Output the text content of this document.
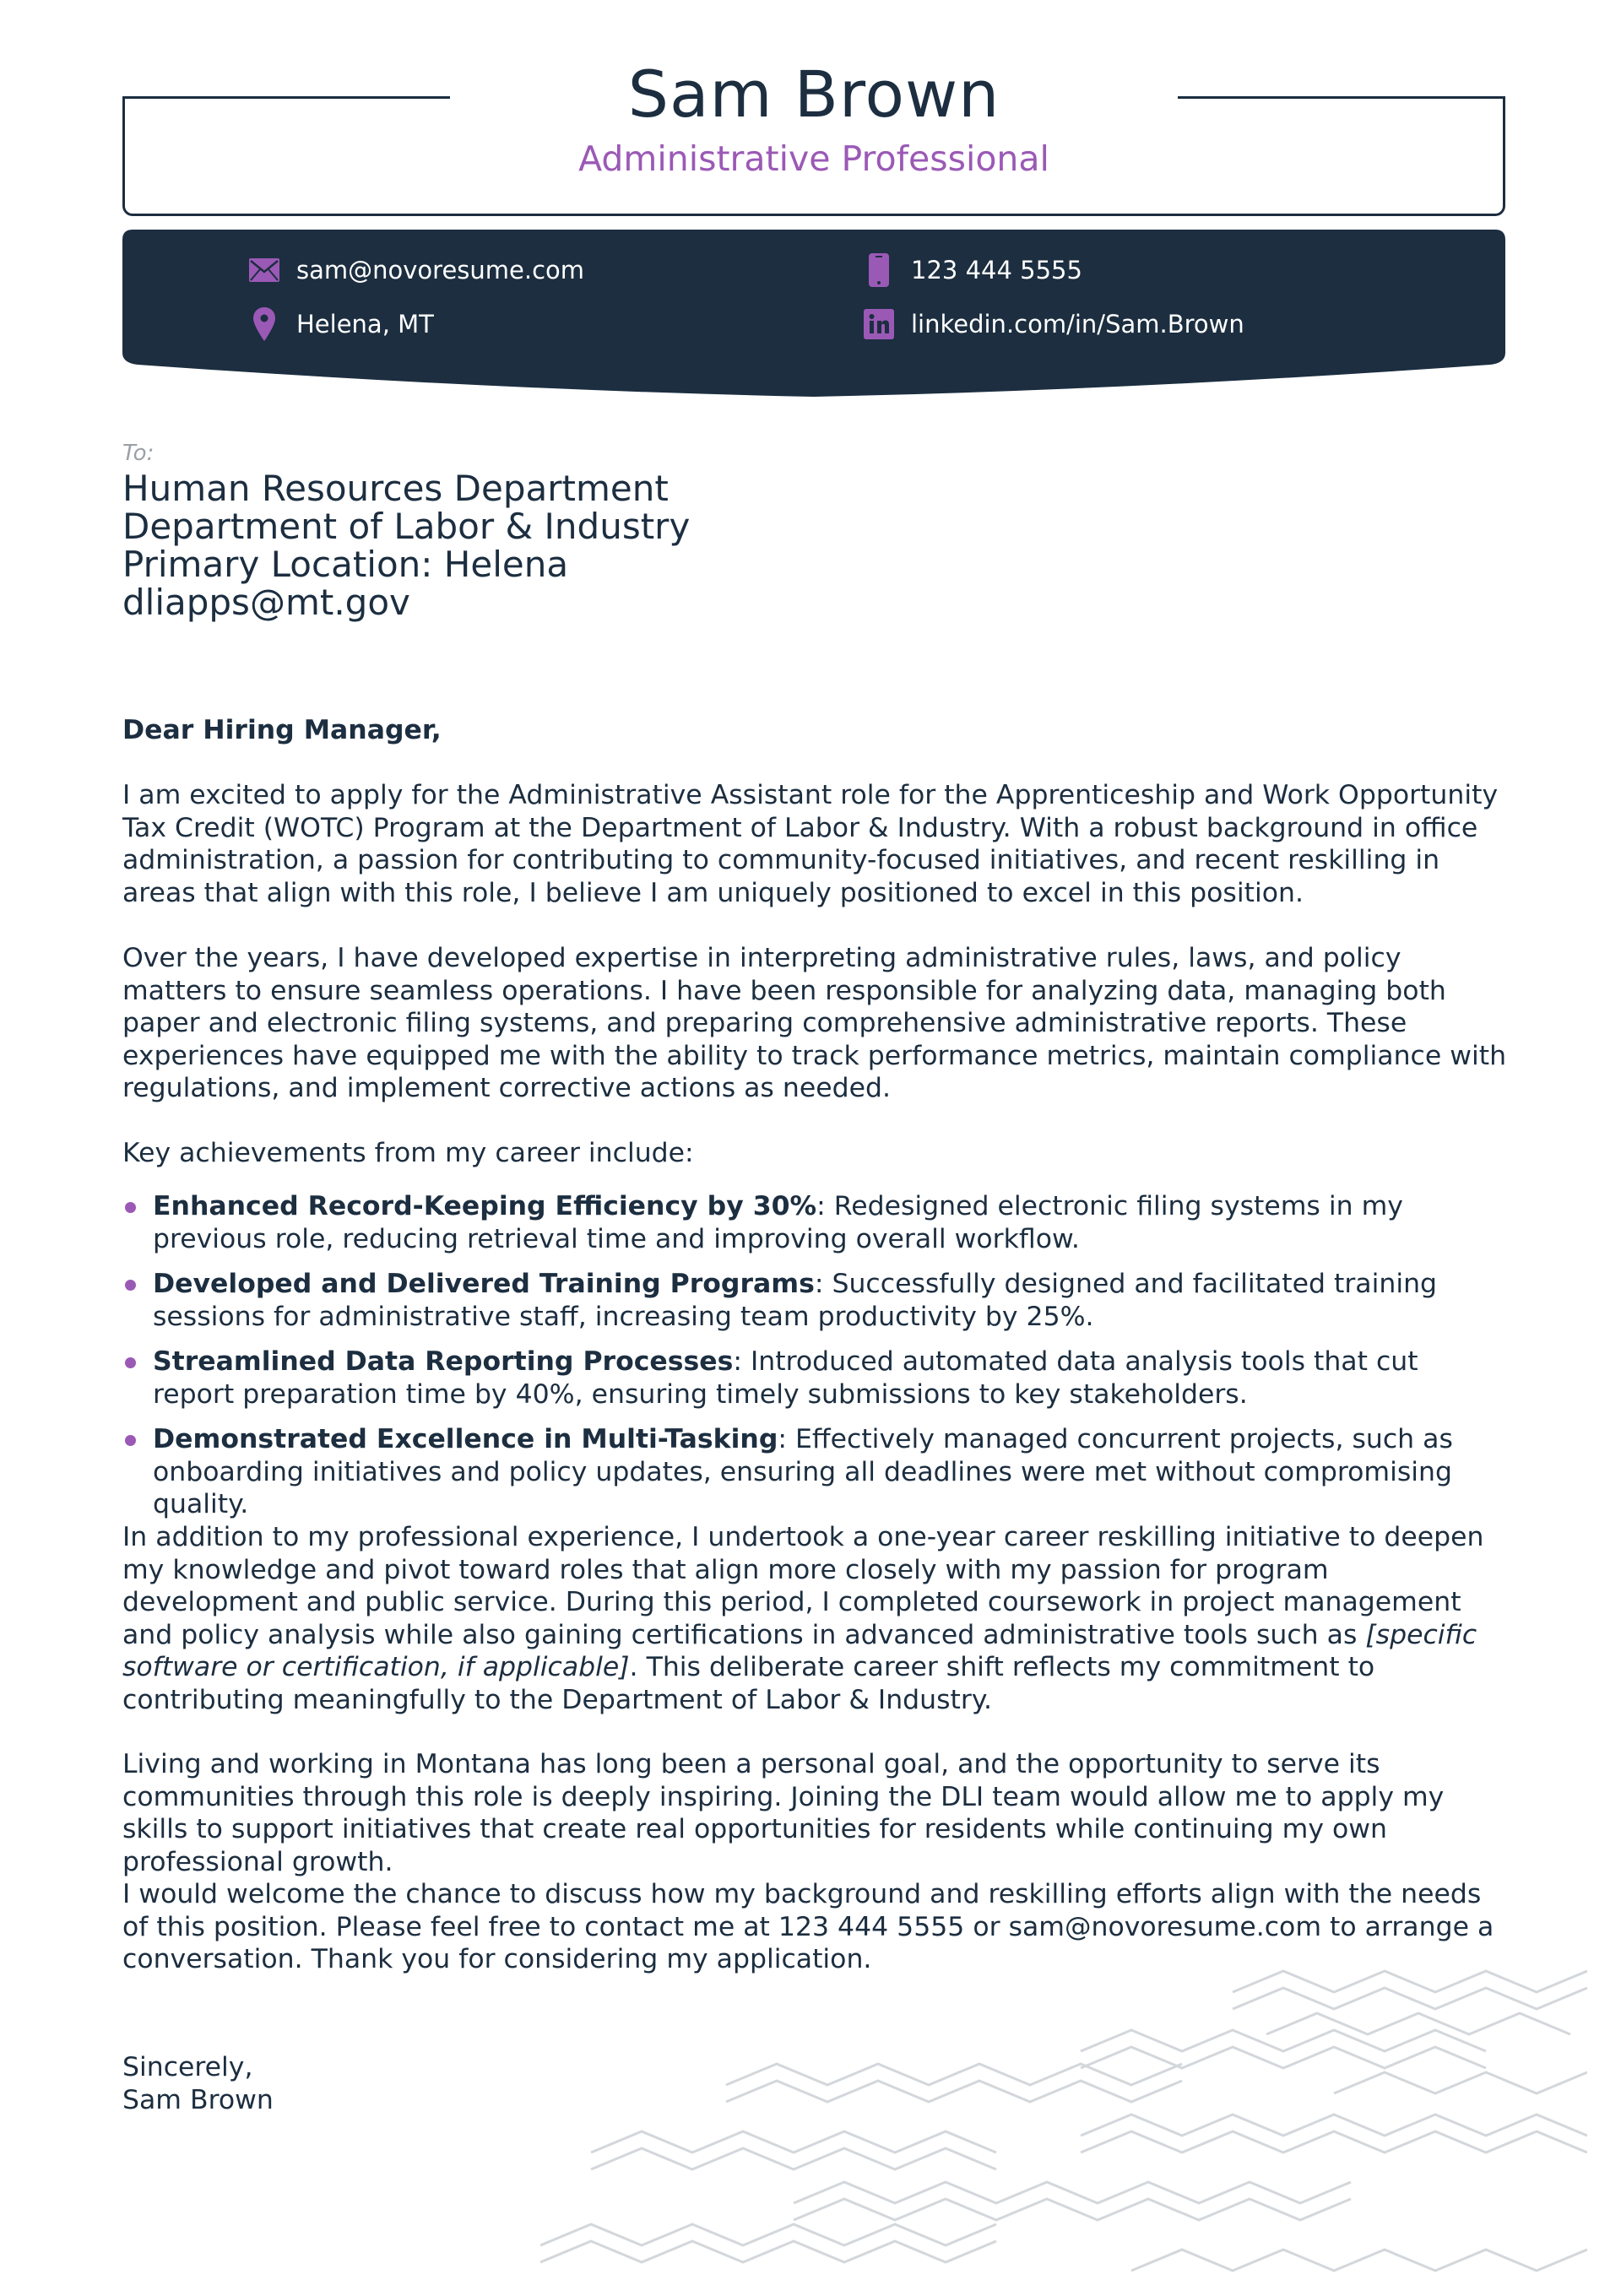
Sam Brown
Administrative Professional
sam@novoresume.com	123 444 5555
Helena, MT	linkedin.com/in/Sam.Brown
To:
Human Resources Department
Department of Labor & Industry
Primary Location: Helena
dliapps@mt.gov
Dear Hiring Manager,
I am excited to apply for the Administrative Assistant role for the Apprenticeship and Work Opportunity Tax Credit (WOTC) Program at the Department of Labor & Industry. With a robust background in office administration, a passion for contributing to community-focused initiatives, and recent reskilling in areas that align with this role, I believe I am uniquely positioned to excel in this position.
Over the years, I have developed expertise in interpreting administrative rules, laws, and policy matters to ensure seamless operations. I have been responsible for analyzing data, managing both paper and electronic filing systems, and preparing comprehensive administrative reports. These experiences have equipped me with the ability to track performance metrics, maintain compliance with regulations, and implement corrective actions as needed.
Key achievements from my career include:
Enhanced Record-Keeping Efficiency by 30%: Redesigned electronic filing systems in my previous role, reducing retrieval time and improving overall workflow.
Developed and Delivered Training Programs: Successfully designed and facilitated training sessions for administrative staff, increasing team productivity by 25%.
Streamlined Data Reporting Processes: Introduced automated data analysis tools that cut report preparation time by 40%, ensuring timely submissions to key stakeholders.
Demonstrated Excellence in Multi-Tasking: Effectively managed concurrent projects, such as onboarding initiatives and policy updates, ensuring all deadlines were met without compromising quality.
In addition to my professional experience, I undertook a one-year career reskilling initiative to deepen my knowledge and pivot toward roles that align more closely with my passion for program development and public service. During this period, I completed coursework in project management and policy analysis while also gaining certifications in advanced administrative tools such as [specific software or certification, if applicable]. This deliberate career shift reflects my commitment to contributing meaningfully to the Department of Labor & Industry.
Living and working in Montana has long been a personal goal, and the opportunity to serve its communities through this role is deeply inspiring. Joining the DLI team would allow me to apply my skills to support initiatives that create real opportunities for residents while continuing my own professional growth.
I would welcome the chance to discuss how my background and reskilling efforts align with the needs of this position. Please feel free to contact me at 123 444 5555 or sam@novoresume.com to arrange a conversation. Thank you for considering my application.
Sincerely,
Sam Brown
